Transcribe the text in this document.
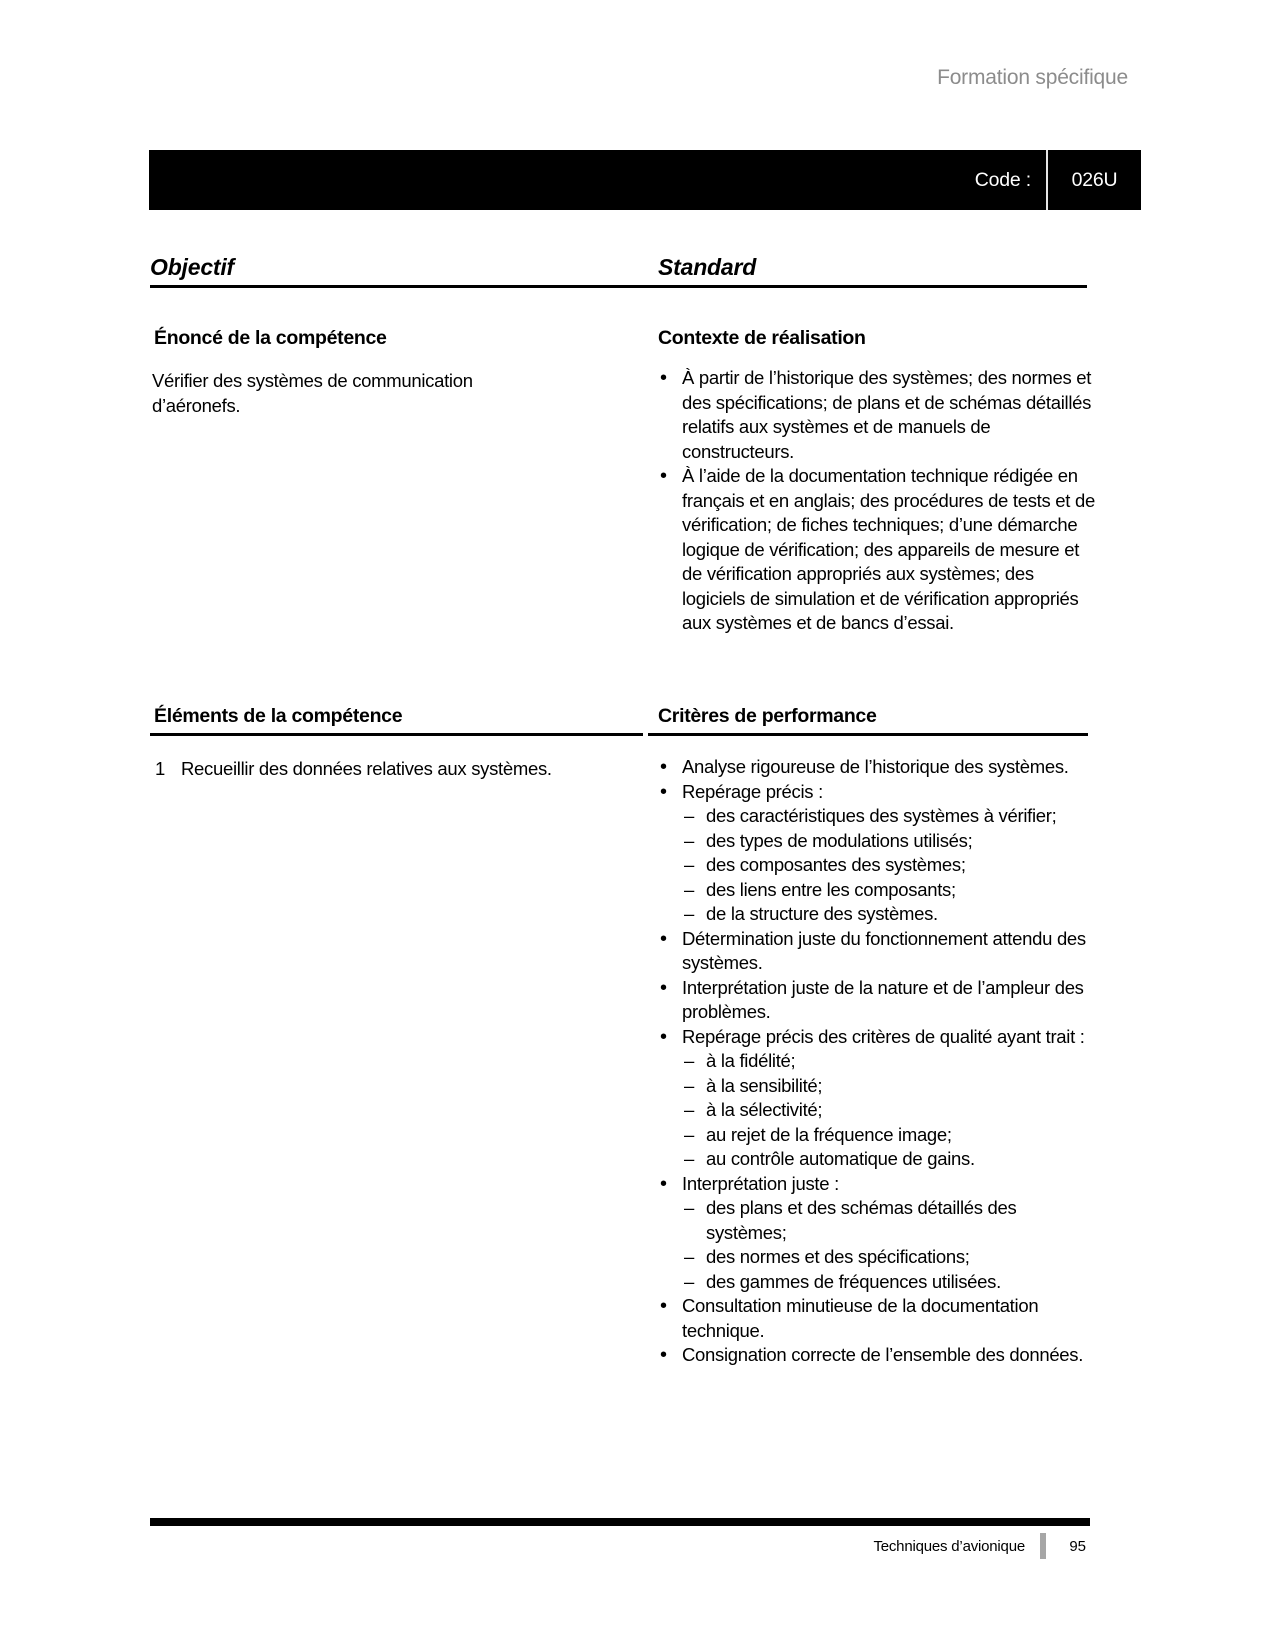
Formation spécifique
Code :	026U
Objectif	Standard
Énoncé de la compétence	Contexte de réalisation
Vérifier des systèmes de communication d’aéronefs.
• À partir de l’historique des systèmes; des normes et des spécifications; de plans et de schémas détaillés relatifs aux systèmes et de manuels de constructeurs.
• À l’aide de la documentation technique rédigée en français et en anglais; des procédures de tests et de vérification; de fiches techniques; d’une démarche logique de vérification; des appareils de mesure et de vérification appropriés aux systèmes; des logiciels de simulation et de vérification appropriés aux systèmes et de bancs d’essai.
Éléments de la compétence	Critères de performance
1 Recueillir des données relatives aux systèmes.	• Analyse rigoureuse de l’historique des systèmes.
• Repérage précis :
– des caractéristiques des systèmes à vérifier;
– des types de modulations utilisés;
– des composantes des systèmes;
– des liens entre les composants;
– de la structure des systèmes.
• Détermination juste du fonctionnement attendu des systèmes.
• Interprétation juste de la nature et de l’ampleur des problèmes.
• Repérage précis des critères de qualité ayant trait :
– à la fidélité;
– à la sensibilité;
– à la sélectivité;
– au rejet de la fréquence image;
– au contrôle automatique de gains.
• Interprétation juste :
– des plans et des schémas détaillés des systèmes;
– des normes et des spécifications;
– des gammes de fréquences utilisées.
• Consultation minutieuse de la documentation technique.
• Consignation correcte de l’ensemble des données.
Techniques d’avionique	95
